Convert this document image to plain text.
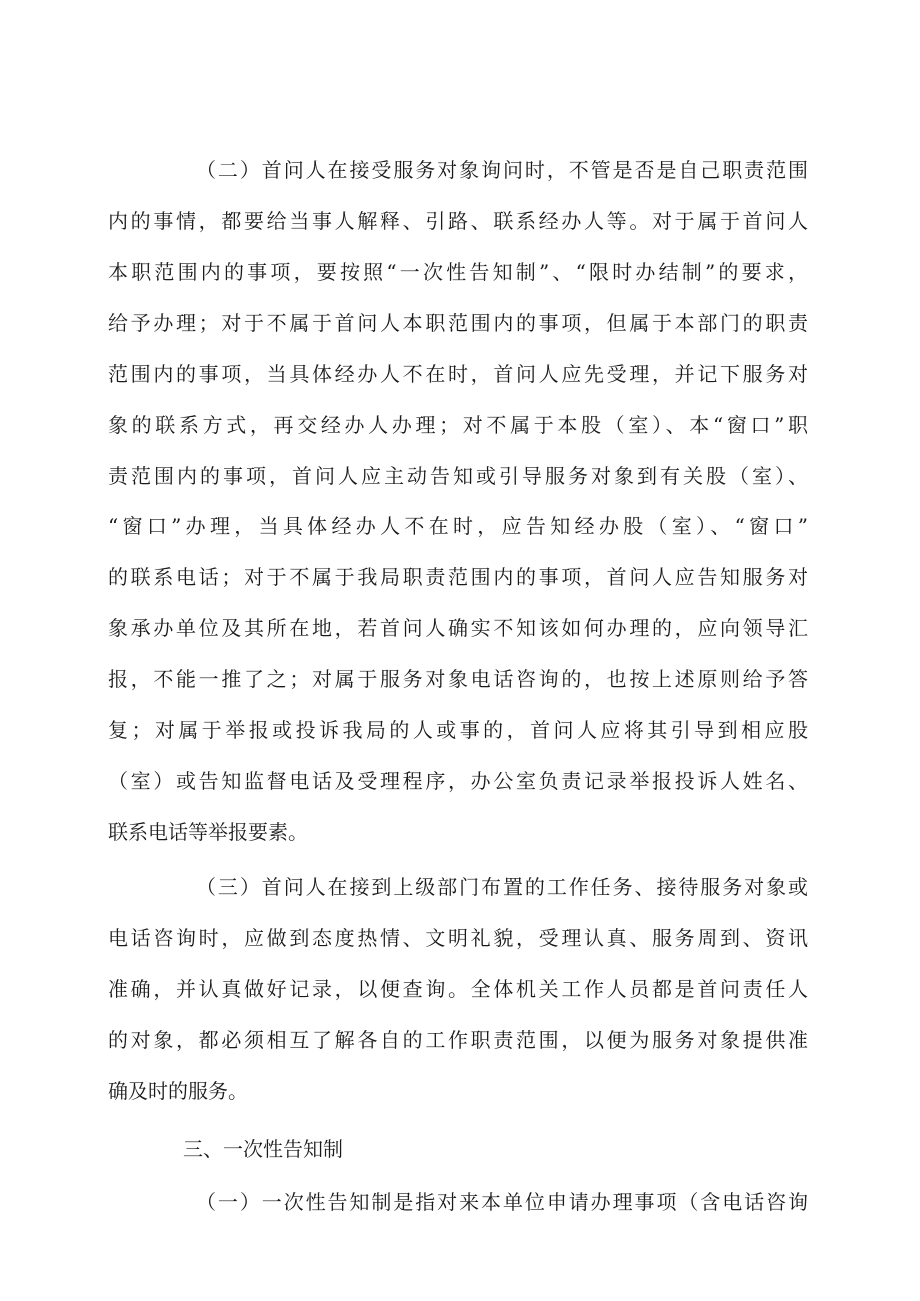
（二）首问人在接受服务对象询问时，不管是否是自己职责范围
内的事情，都要给当事人解释、引路、联系经办人等。对于属于首问人
本职范围内的事项，要按照“一次性告知制”、“限时办结制”的要求，
给予办理；对于不属于首问人本职范围内的事项，但属于本部门的职责
范围内的事项，当具体经办人不在时，首问人应先受理，并记下服务对
象的联系方式，再交经办人办理；对不属于本股（室）、本“窗口”职
责范围内的事项，首问人应主动告知或引导服务对象到有关股（室）、
“窗口”办理，当具体经办人不在时，应告知经办股（室）、“窗口”
的联系电话；对于不属于我局职责范围内的事项，首问人应告知服务对
象承办单位及其所在地，若首问人确实不知该如何办理的，应向领导汇
报，不能一推了之；对属于服务对象电话咨询的，也按上述原则给予答
复；对属于举报或投诉我局的人或事的，首问人应将其引导到相应股
（室）或告知监督电话及受理程序，办公室负责记录举报投诉人姓名、
联系电话等举报要素。
（三）首问人在接到上级部门布置的工作任务、接待服务对象或
电话咨询时，应做到态度热情、文明礼貌，受理认真、服务周到、资讯
准确，并认真做好记录，以便查询。全体机关工作人员都是首问责任人
的对象，都必须相互了解各自的工作职责范围，以便为服务对象提供准
确及时的服务。
三、一次性告知制
（一）一次性告知制是指对来本单位申请办理事项（含电话咨询
